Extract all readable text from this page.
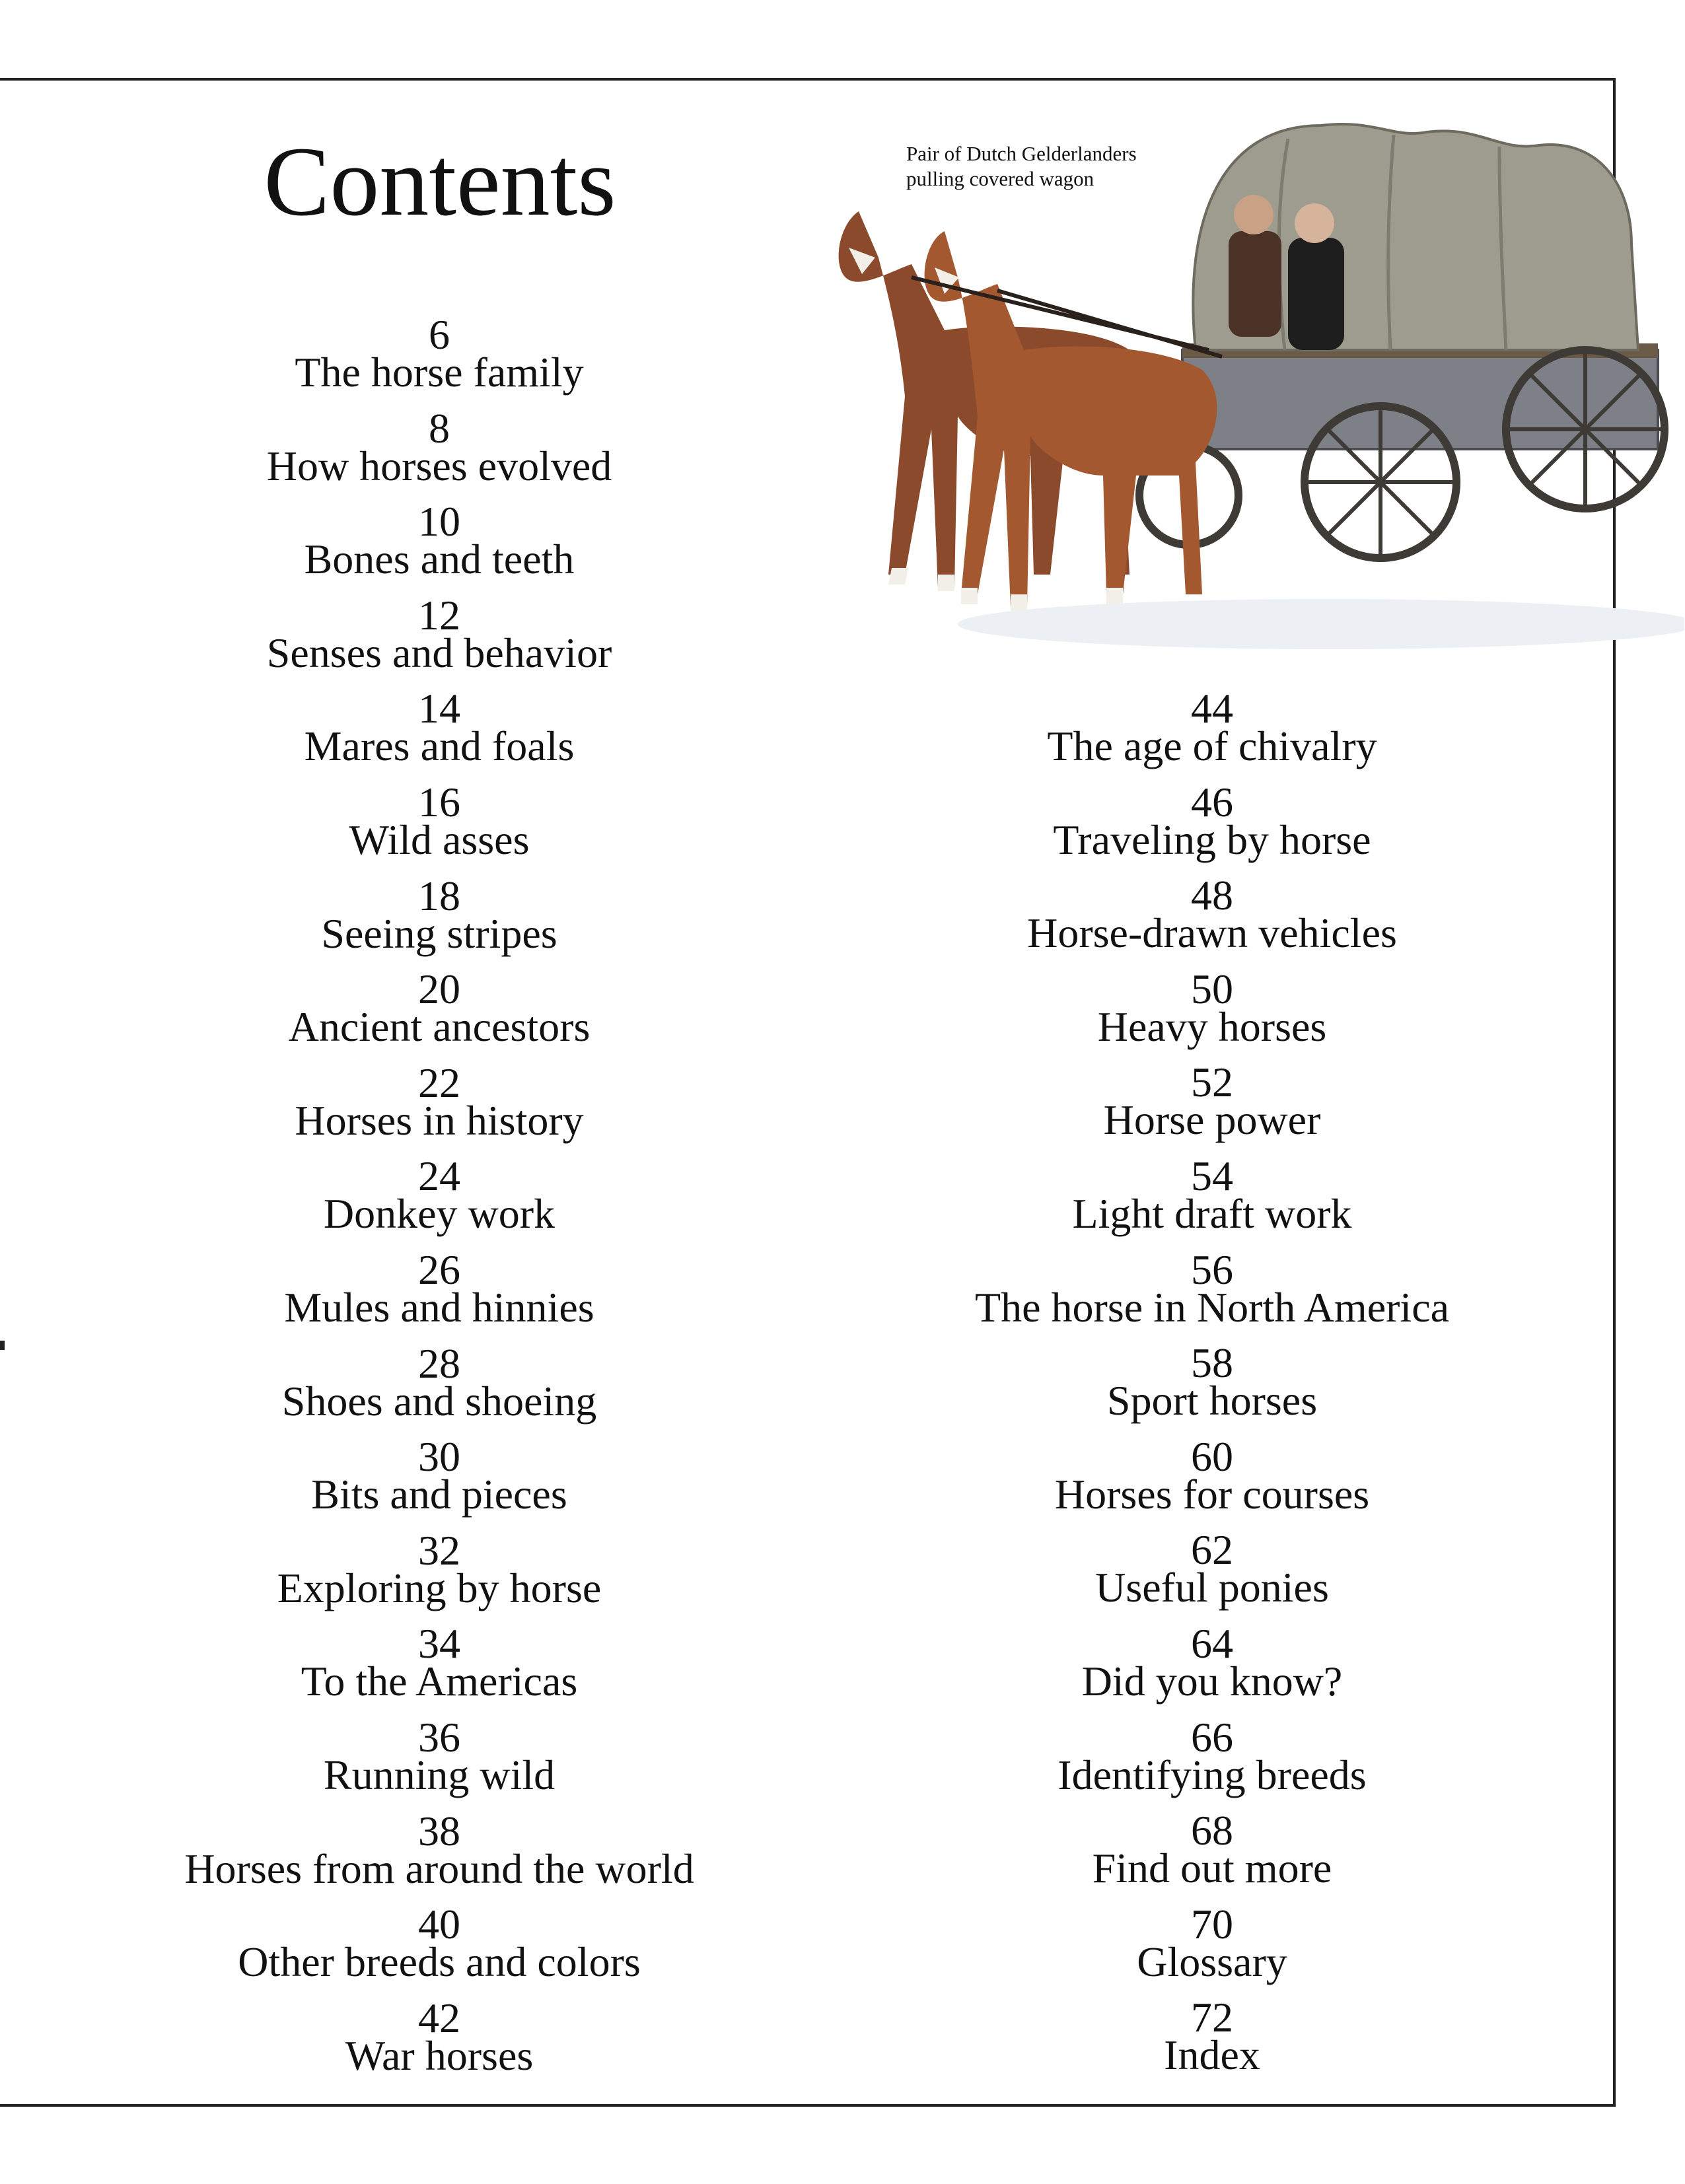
Contents	Pair of Dutch Gelderlanders
pulling covered wagon
6
The horse family
8
How horses evolved
10
Bones and teeth
12
Senses and behavior
14
Mares and foals
16
Wild asses
18
Seeing stripes
20
Ancient ancestors
22
Horses in history
24
Donkey work
26
Mules and hinnies
28
Shoes and shoeing
30
Bits and pieces
32
Exploring by horse
34
To the Americas
36
Running wild
38
Horses from around the world
40
Other breeds and colors
42
War horses
44
The age of chivalry
46
Traveling by horse
48
Horse-drawn vehicles
50
Heavy horses
52
Horse power
54
Light draft work
56
The horse in North America
58
Sport horses
60
Horses for courses
62
Useful ponies
64
Did you know?
66
Identifying breeds
68
Find out more
70
Glossary
72
Index
